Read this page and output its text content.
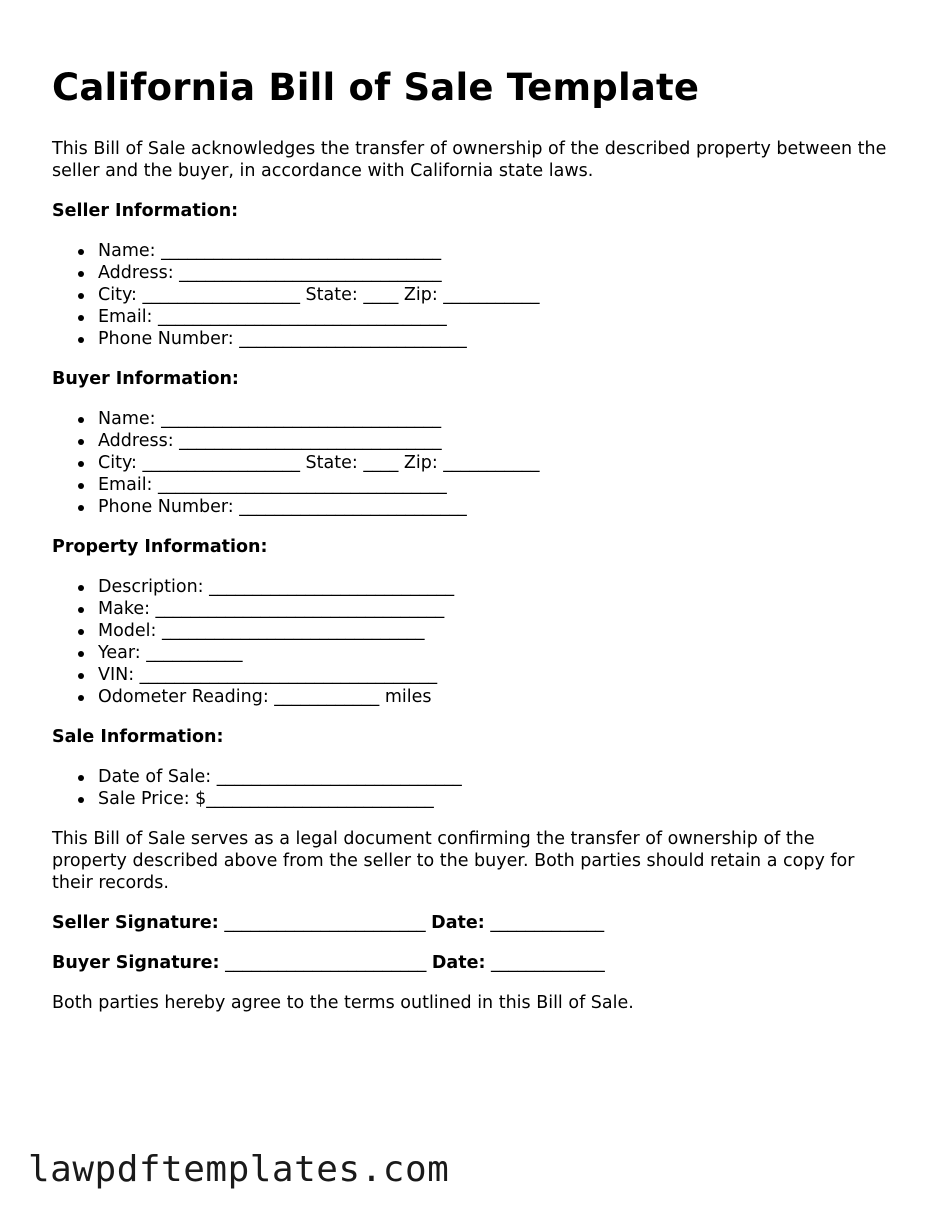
California Bill of Sale Template

This Bill of Sale acknowledges the transfer of ownership of the described property between the seller and the buyer, in accordance with California state laws.

Seller Information:
Name: ________________________________
Address: ______________________________
City: __________________ State: ____ Zip: ___________
Email: _________________________________
Phone Number: __________________________
Buyer Information:
Name: ________________________________
Address: ______________________________
City: __________________ State: ____ Zip: ___________
Email: _________________________________
Phone Number: __________________________
Property Information:
Description: ____________________________
Make: _________________________________
Model: ______________________________
Year: ___________
VIN: __________________________________
Odometer Reading: ____________ miles
Sale Information:
Date of Sale: ____________________________
Sale Price: $__________________________

This Bill of Sale serves as a legal document confirming the transfer of ownership of the property described above from the seller to the buyer. Both parties should retain a copy for their records.

Seller Signature: _______________________ Date: _____________

Buyer Signature: _______________________ Date: _____________

Both parties hereby agree to the terms outlined in this Bill of Sale.

lawpdftemplates.com
